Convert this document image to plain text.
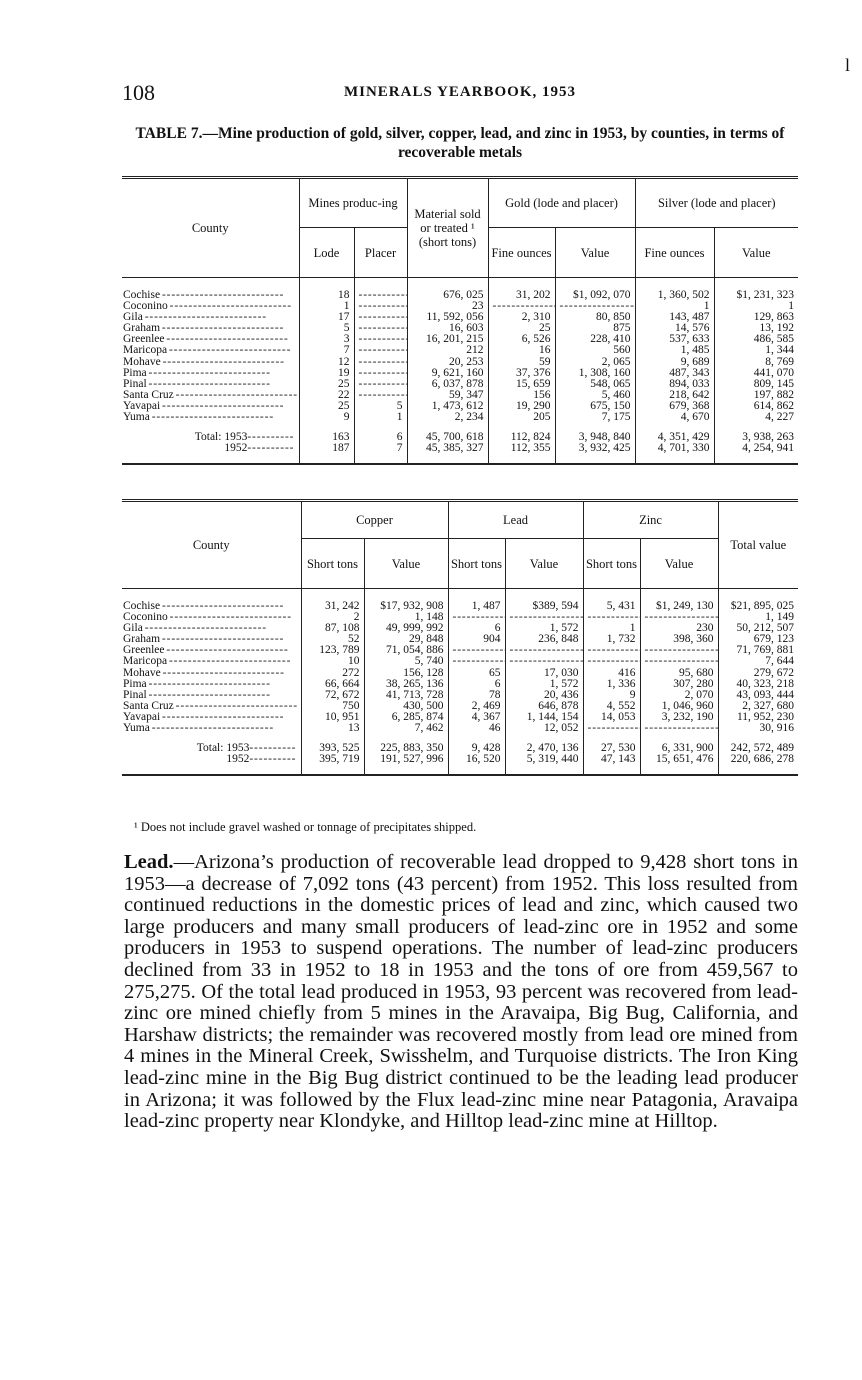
l
108	MINERALS YEARBOOK, 1953
TABLE 7.—Mine production of gold, silver, copper, lead, and zinc in 1953, by counties, in terms of recoverable metals
County	Mines produc-ing		Material sold or treated ¹ (short tons)	Gold (lode and placer)		Silver (lode and placer)	
	Lode	Placer		Fine ounces	Value	Fine ounces	Value

Cochise - - -	18	- - -	676, 025	31, 202	$1, 092, 070	1, 360, 502	$1, 231, 323
Coconino - - -	1	- - -	23	- - -	- - -	1	1
Gila - - -	17	- - -	11, 592, 056	2, 310	80, 850	143, 487	129, 863
Graham - - -	5	- - -	16, 603	25	875	14, 576	13, 192
Greenlee - - -	3	- - -	16, 201, 215	6, 526	228, 410	537, 633	486, 585
Maricopa - - -	7	- - -	212	16	560	1, 485	1, 344
Mohave - - -	12	- - -	20, 253	59	2, 065	9, 689	8, 769
Pima - - -	19	- - -	9, 621, 160	37, 376	1, 308, 160	487, 343	441, 070
Pinal - - -	25	- - -	6, 037, 878	15, 659	548, 065	894, 033	809, 145
Santa Cruz - - -	22	- - -	59, 347	156	5, 460	218, 642	197, 882
Yavapai - - -	25	5	1, 473, 612	19, 290	675, 150	679, 368	614, 862
Yuma - - -	9	1	2, 234	205	7, 175	4, 670	4, 227

Total: 1953 - - -	163	6	45, 700, 618	112, 824	3, 948, 840	4, 351, 429	3, 938, 263
1952 - - -	187	7	45, 385, 327	112, 355	3, 932, 425	4, 701, 330	4, 254, 941

County	Copper		Lead		Zinc		Total value
	Short tons	Value	Short tons	Value	Short tons	Value	

Cochise - - -	31, 242	$17, 932, 908	1, 487	$389, 594	5, 431	$1, 249, 130	$21, 895, 025
Coconino - - -	2	1, 148	- - -	- - -	- - -	- - -	1, 149
Gila - - -	87, 108	49, 999, 992	6	1, 572	1	230	50, 212, 507
Graham - - -	52	29, 848	904	236, 848	1, 732	398, 360	679, 123
Greenlee - - -	123, 789	71, 054, 886	- - -	- - -	- - -	- - -	71, 769, 881
Maricopa - - -	10	5, 740	- - -	- - -	- - -	- - -	7, 644
Mohave - - -	272	156, 128	65	17, 030	416	95, 680	279, 672
Pima - - -	66, 664	38, 265, 136	6	1, 572	1, 336	307, 280	40, 323, 218
Pinal - - -	72, 672	41, 713, 728	78	20, 436	9	2, 070	43, 093, 444
Santa Cruz - - -	750	430, 500	2, 469	646, 878	4, 552	1, 046, 960	2, 327, 680
Yavapai - - -	10, 951	6, 285, 874	4, 367	1, 144, 154	14, 053	3, 232, 190	11, 952, 230
Yuma - - -	13	7, 462	46	12, 052	- - -	- - -	30, 916

Total: 1953 - - -	393, 525	225, 883, 350	9, 428	2, 470, 136	27, 530	6, 331, 900	242, 572, 489
1952 - - -	395, 719	191, 527, 996	16, 520	5, 319, 440	47, 143	15, 651, 476	220, 686, 278

¹ Does not include gravel washed or tonnage of precipitates shipped.
Lead.—Arizona’s production of recoverable lead dropped to 9,428 short tons in 1953—a decrease of 7,092 tons (43 percent) from 1952. This loss resulted from continued reductions in the domestic prices of lead and zinc, which caused two large producers and many small producers of lead-zinc ore in 1952 and some producers in 1953 to suspend operations. The number of lead-zinc producers declined from 33 in 1952 to 18 in 1953 and the tons of ore from 459,567 to 275,275. Of the total lead produced in 1953, 93 percent was recovered from lead-zinc ore mined chiefly from 5 mines in the Aravaipa, Big Bug, California, and Harshaw districts; the remainder was recovered mostly from lead ore mined from 4 mines in the Mineral Creek, Swisshelm, and Turquoise districts. The Iron King lead-zinc mine in the Big Bug district continued to be the leading lead producer in Arizona; it was followed by the Flux lead-zinc mine near Patagonia, Aravaipa lead-zinc property near Klondyke, and Hilltop lead-zinc mine at Hilltop.
